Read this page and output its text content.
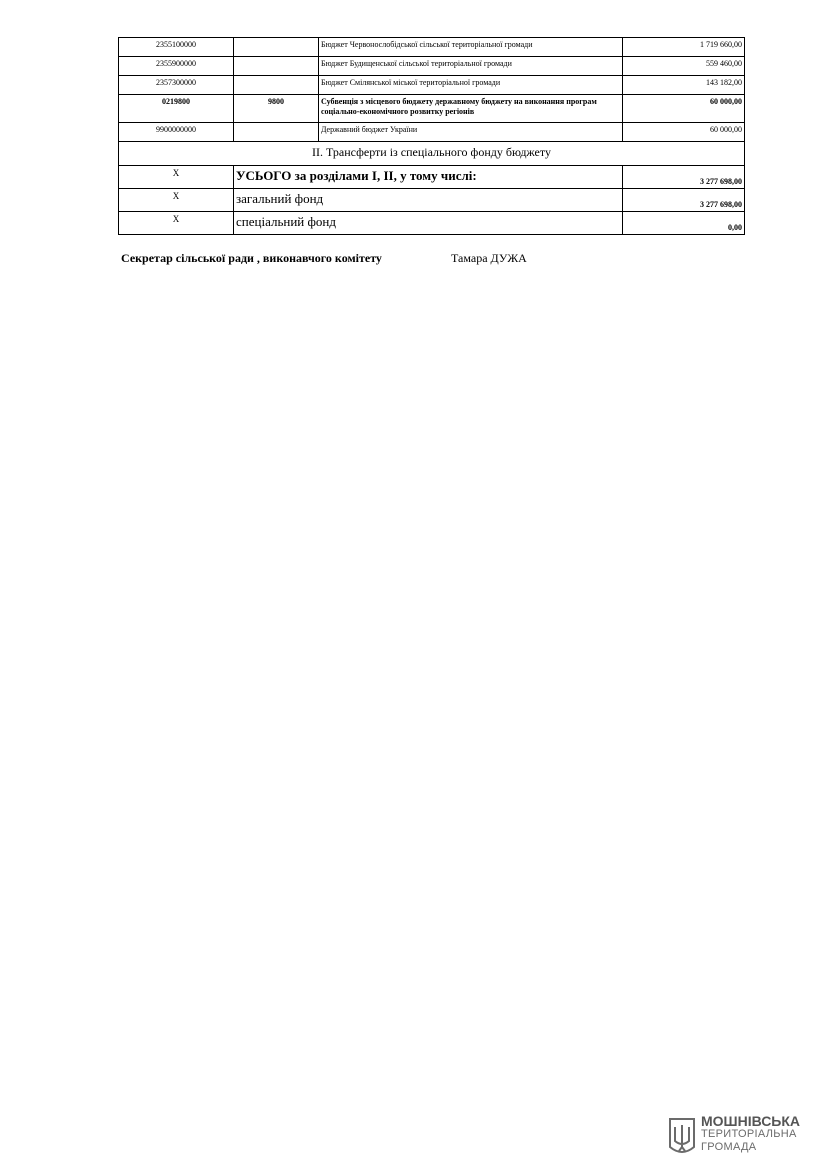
2355100000		Бюджет Червонослобідської сільської територіальної громади	1 719 660,00
2355900000		Бюджет Будищенської сільської територіальної громади	559 460,00
2357300000		Бюджет Смілянської міської територіальної громади	143 182,00
0219800	9800	Субвенція з місцевого бюджету державному бюджету на виконання програм соціально-економічного розвитку регіонів	60 000,00
9900000000		Державний бюджет України	60 000,00
II. Трансферти із спеціального фонду бюджету			
X	УСЬОГО за розділами І, ІІ, у тому числі:		3 277 698,00
X	загальний фонд		3 277 698,00
X	спеціальний фонд		0,00
Секретар сільської ради , виконавчого комітету	Тамара ДУЖА
МОШНІВСЬКА
ТЕРИТОРІАЛЬНА
ГРОМАДА
